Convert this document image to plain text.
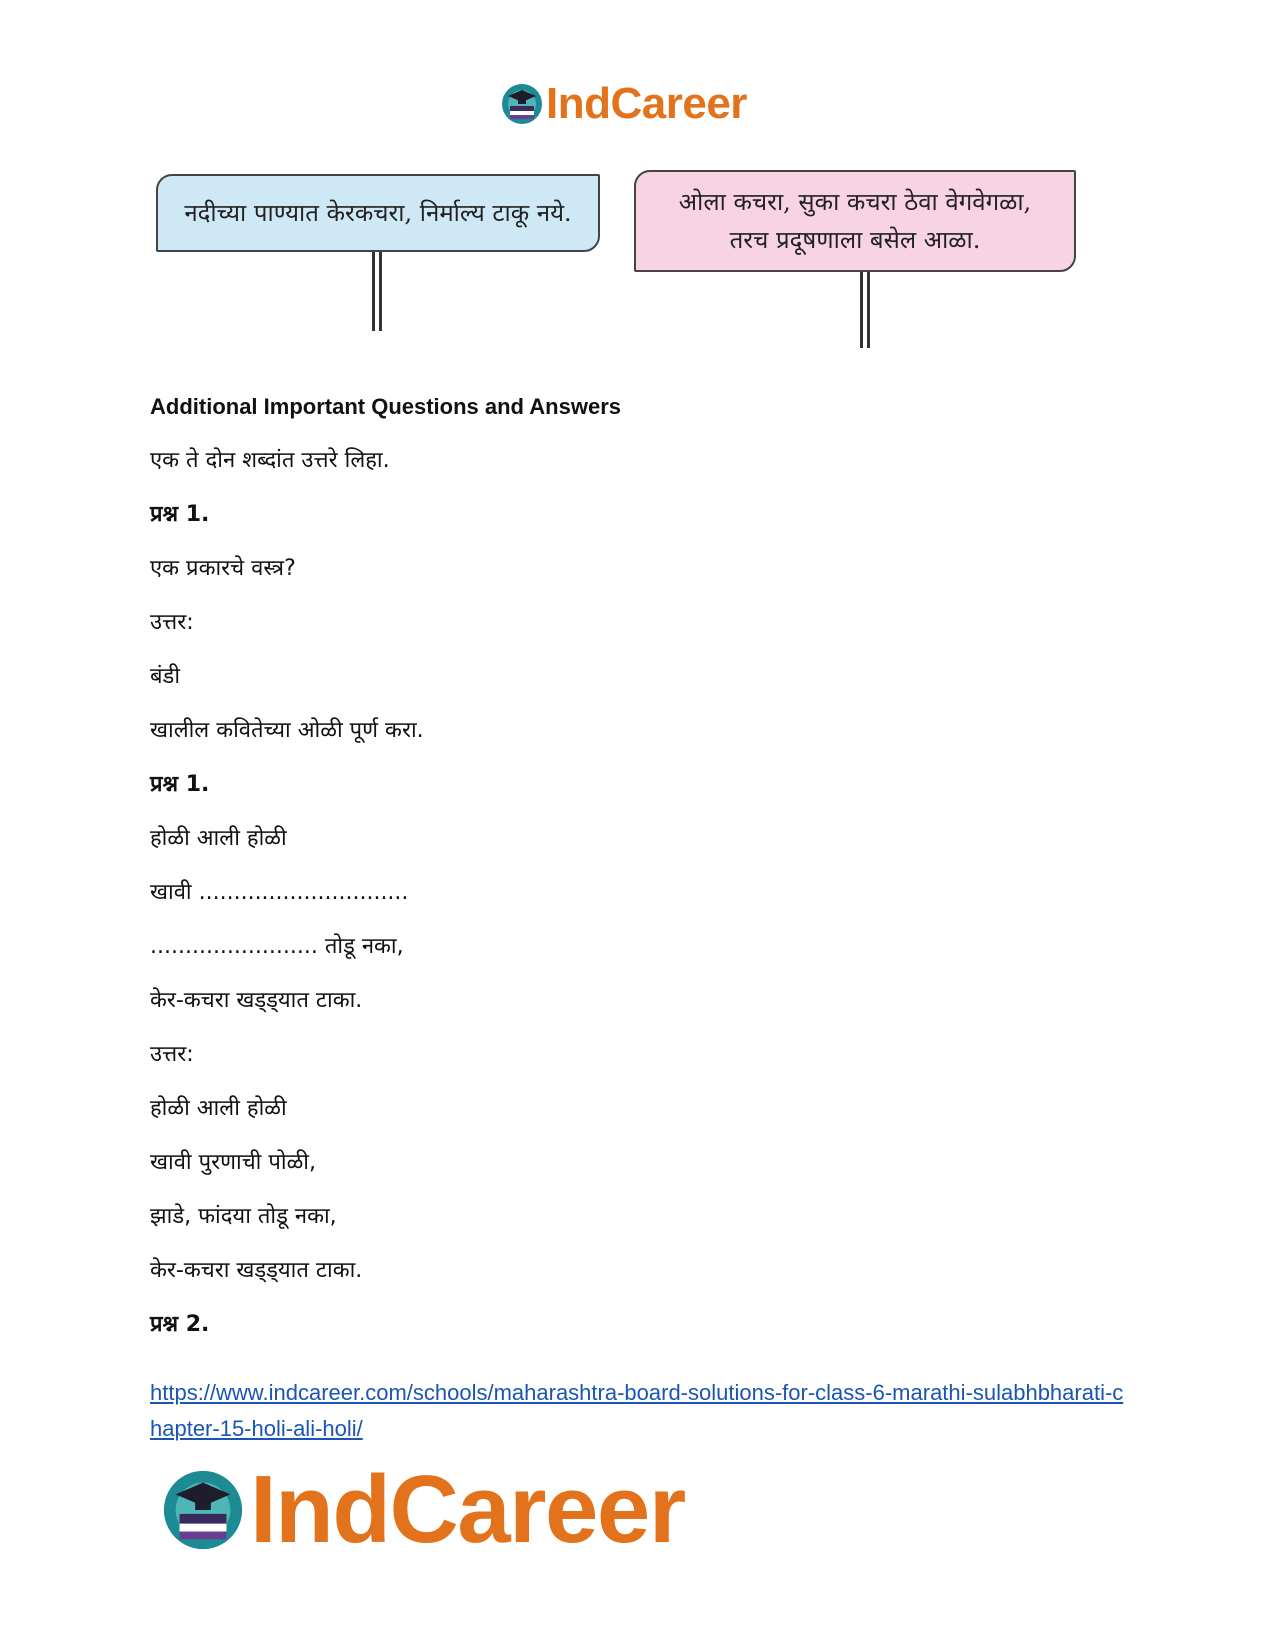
IndCareer
नदीच्या पाण्यात केरकचरा, निर्माल्य टाकू नये.	ओला कचरा, सुका कचरा ठेवा वेगवेगळा,
तरच प्रदूषणाला बसेल आळा.
Additional Important Questions and Answers
एक ते दोन शब्दांत उत्तरे लिहा.
प्रश्न 1.
एक प्रकारचे वस्त्र?
उत्तर:
बंडी
खालील कवितेच्या ओळी पूर्ण करा.
प्रश्न 1.
होळी आली होळी
खावी ..............................
........................ तोडू नका,
केर-कचरा खड्ड्यात टाका.
उत्तर:
होळी आली होळी
खावी पुरणाची पोळी,
झाडे, फांदया तोडू नका,
केर-कचरा खड्ड्यात टाका.
प्रश्न 2.
https://www.indcareer.com/schools/maharashtra-board-solutions-for-class-6-marathi-sulabhbharati-chapter-15-holi-ali-holi/
IndCareer
